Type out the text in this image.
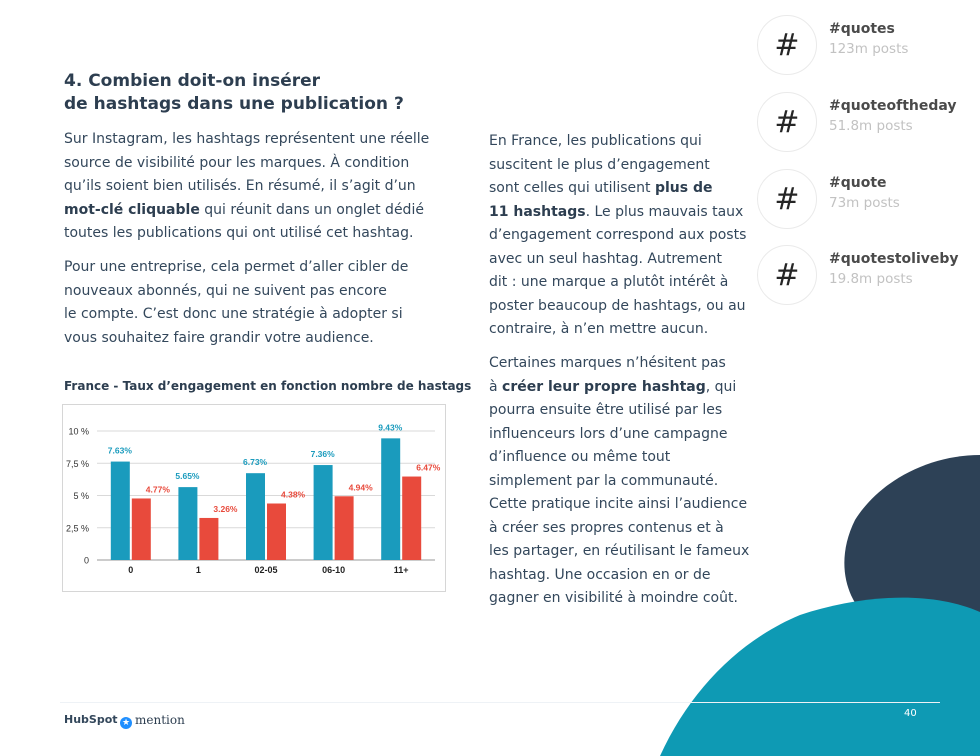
4. Combien doit-on insérer
de hashtags dans une publication ?
Sur Instagram, les hashtags représentent une réelle
source de visibilité pour les marques. À condition
qu’ils soient bien utilisés. En résumé, il s’agit d’un
mot-clé cliquable qui réunit dans un onglet dédié
toutes les publications qui ont utilisé cet hashtag.
Pour une entreprise, cela permet d’aller cibler de
nouveaux abonnés, qui ne suivent pas encore
le compte. C’est donc une stratégie à adopter si
vous souhaitez faire grandir votre audience.
En France, les publications qui
suscitent le plus d’engagement
sont celles qui utilisent plus de
11 hashtags. Le plus mauvais taux
d’engagement correspond aux posts
avec un seul hashtag. Autrement
dit : une marque a plutôt intérêt à
poster beaucoup de hashtags, ou au
contraire, à n’en mettre aucun.
Certaines marques n’hésitent pas
à créer leur propre hashtag, qui
pourra ensuite être utilisé par les
influenceurs lors d’une campagne
d’influence ou même tout
simplement par la communauté.
Cette pratique incite ainsi l’audience
à créer ses propres contenus et à
les partager, en réutilisant le fameux
hashtag. Une occasion en or de
gagner en visibilité à moindre coût.

France - Taux d’engagement en fonction nombre de hastags

0
2,5 %
5 %
7,5 %
10 %
7.63%
4.77%
0
5.65%
3.26%
1
6.73%
4.38%
02-05
7.36%
4.94%
06-10
9.43%
6.47%
11+
#	#quotes
123m posts
#	#quoteoftheday
51.8m posts
#	#quote
73m posts
#	#quotestoliveby
19.8m posts
HubSpot ★ mention	40
